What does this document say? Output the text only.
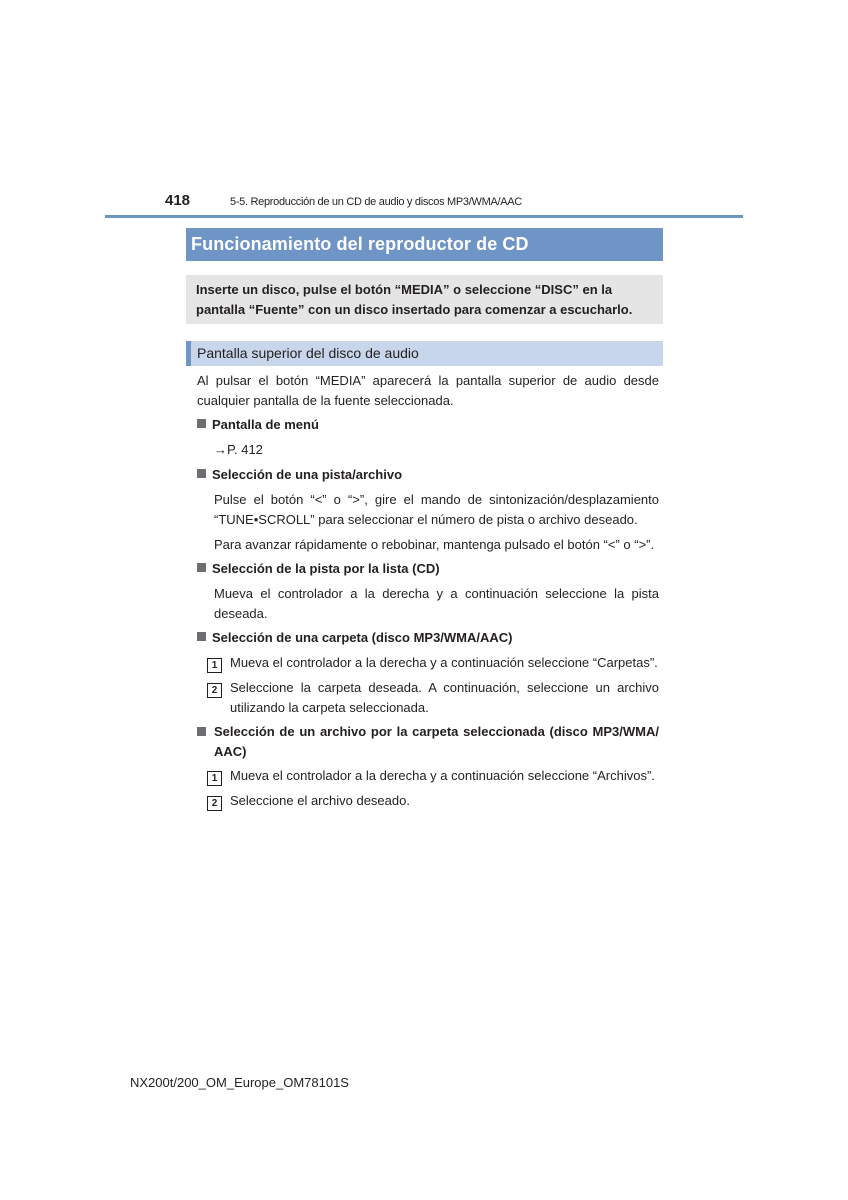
418	5-5. Reproducción de un CD de audio y discos MP3/WMA/AAC
Funcionamiento del reproductor de CD
Inserte un disco, pulse el botón “MEDIA” o seleccione “DISC” en la pantalla “Fuente” con un disco insertado para comenzar a escucharlo.
Pantalla superior del disco de audio
Al pulsar el botón “MEDIA” aparecerá la pantalla superior de audio desde cualquier pantalla de la fuente seleccionada.
Pantalla de menú
→P. 412
Selección de una pista/archivo
Pulse el botón “<” o “>”, gire el mando de sintonización/desplazamiento “TUNE•SCROLL” para seleccionar el número de pista o archivo deseado.
Para avanzar rápidamente o rebobinar, mantenga pulsado el botón “<” o “>”.
Selección de la pista por la lista (CD)
Mueva el controlador a la derecha y a continuación seleccione la pista deseada.
Selección de una carpeta (disco MP3/WMA/AAC)
1 Mueva el controlador a la derecha y a continuación seleccione “Carpetas”.
2 Seleccione la carpeta deseada. A continuación, seleccione un archivo utilizando la carpeta seleccionada.
Selección de un archivo por la carpeta seleccionada (disco MP3/WMA/ AAC)
1 Mueva el controlador a la derecha y a continuación seleccione “Archivos”.
2 Seleccione el archivo deseado.
NX200t/200_OM_Europe_OM78101S
